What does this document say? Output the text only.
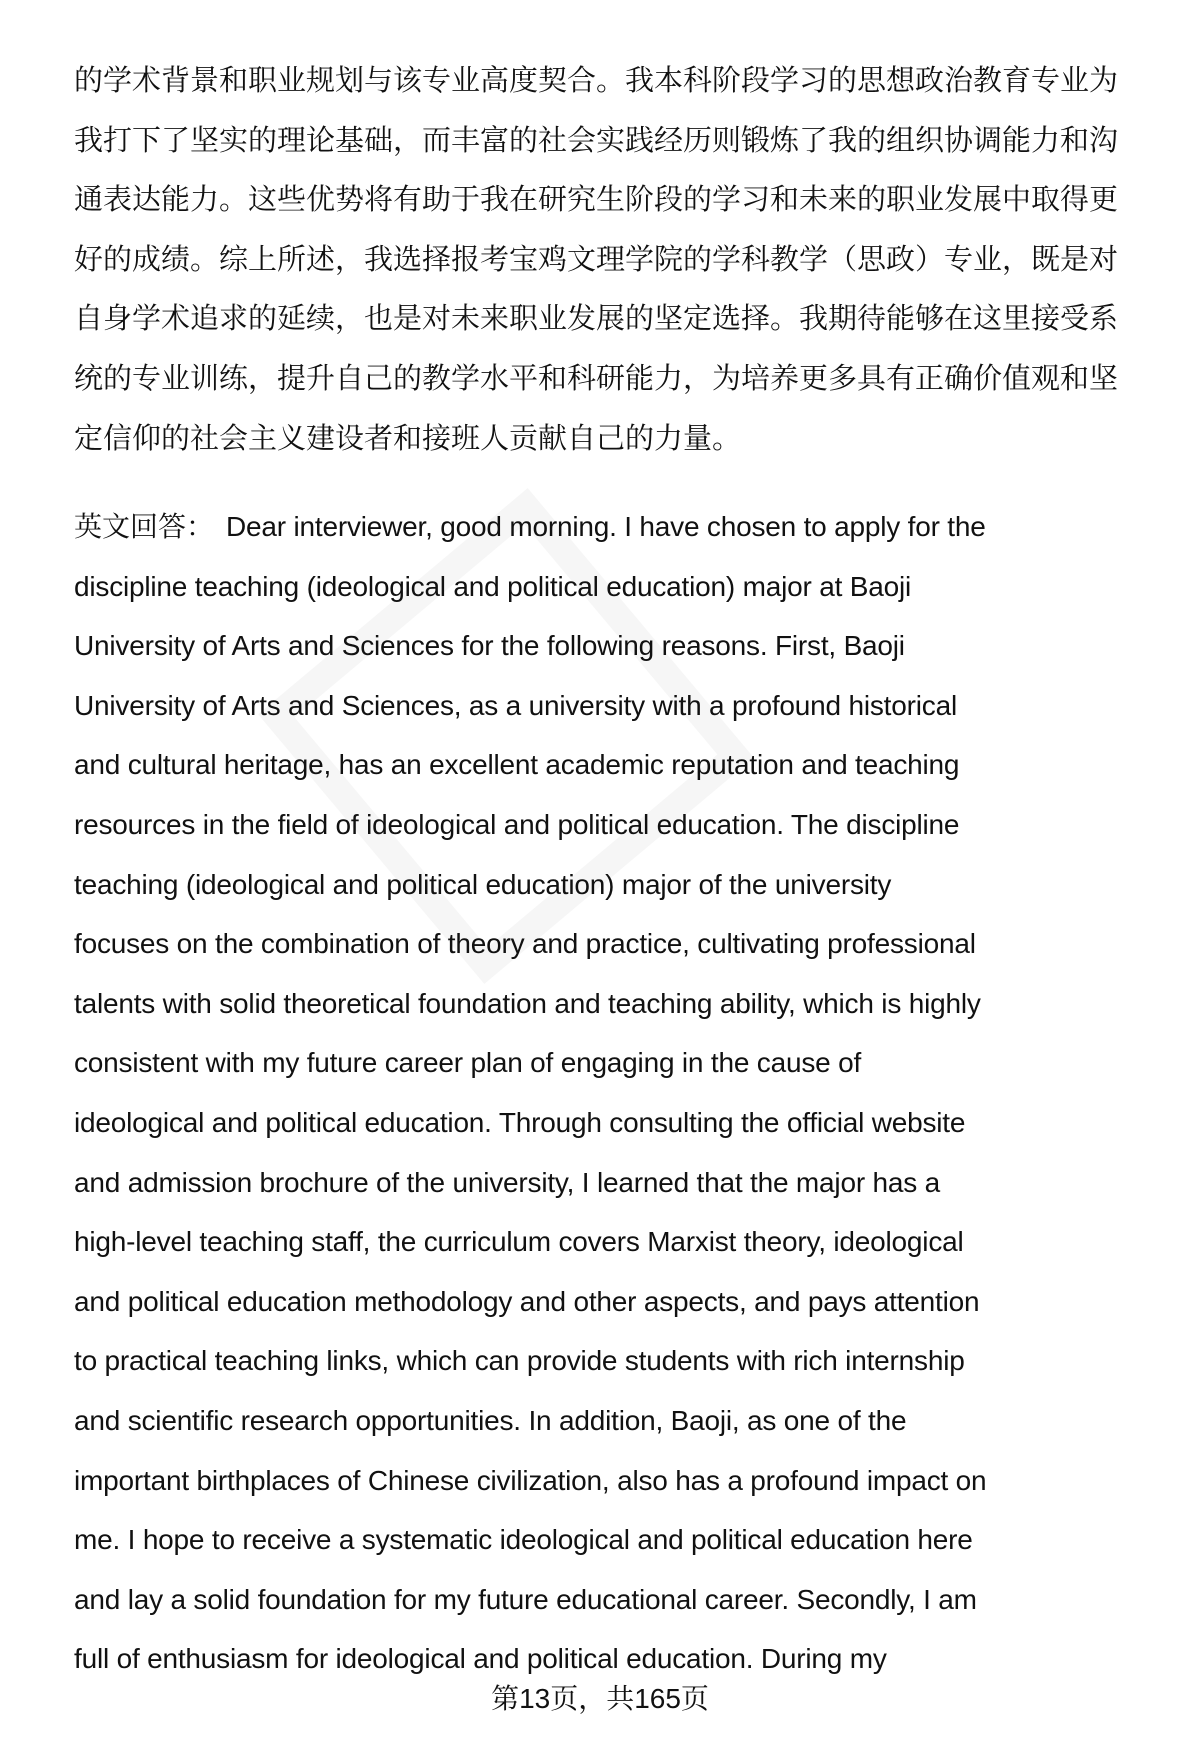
的学术背景和职业规划与该专业高度契合。我本科阶段学习的思想政治教育专业为
我打下了坚实的理论基础，而丰富的社会实践经历则锻炼了我的组织协调能力和沟
通表达能力。这些优势将有助于我在研究生阶段的学习和未来的职业发展中取得更
好的成绩。综上所述，我选择报考宝鸡文理学院的学科教学（思政）专业，既是对
自身学术追求的延续，也是对未来职业发展的坚定选择。我期待能够在这里接受系
统的专业训练，提升自己的教学水平和科研能力，为培养更多具有正确价值观和坚
定信仰的社会主义建设者和接班人贡献自己的力量。
英文回答： Dear interviewer, good morning. I have chosen to apply for the
discipline teaching (ideological and political education) major at Baoji
University of Arts and Sciences for the following reasons. First, Baoji
University of Arts and Sciences, as a university with a profound historical
and cultural heritage, has an excellent academic reputation and teaching
resources in the field of ideological and political education. The discipline
teaching (ideological and political education) major of the university
focuses on the combination of theory and practice, cultivating professional
talents with solid theoretical foundation and teaching ability, which is highly
consistent with my future career plan of engaging in the cause of
ideological and political education. Through consulting the official website
and admission brochure of the university, I learned that the major has a
high-level teaching staff, the curriculum covers Marxist theory, ideological
and political education methodology and other aspects, and pays attention
to practical teaching links, which can provide students with rich internship
and scientific research opportunities. In addition, Baoji, as one of the
important birthplaces of Chinese civilization, also has a profound impact on
me. I hope to receive a systematic ideological and political education here
and lay a solid foundation for my future educational career. Secondly, I am
full of enthusiasm for ideological and political education. During my
第13页，共165页
